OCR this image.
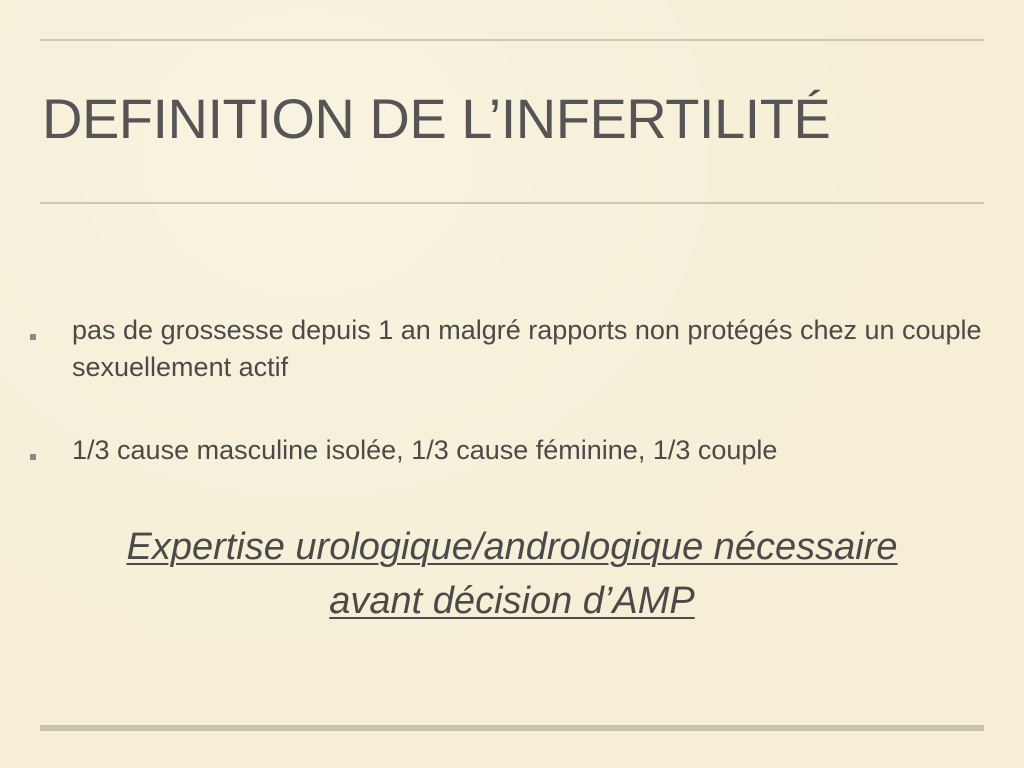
DEFINITION DE L’INFERTILITÉ
pas de grossesse depuis 1 an malgré rapports non protégés chez un couple sexuellement actif
1/3 cause masculine isolée, 1/3 cause féminine, 1/3 couple
Expertise urologique/andrologique nécessaire
avant décision d’AMP
